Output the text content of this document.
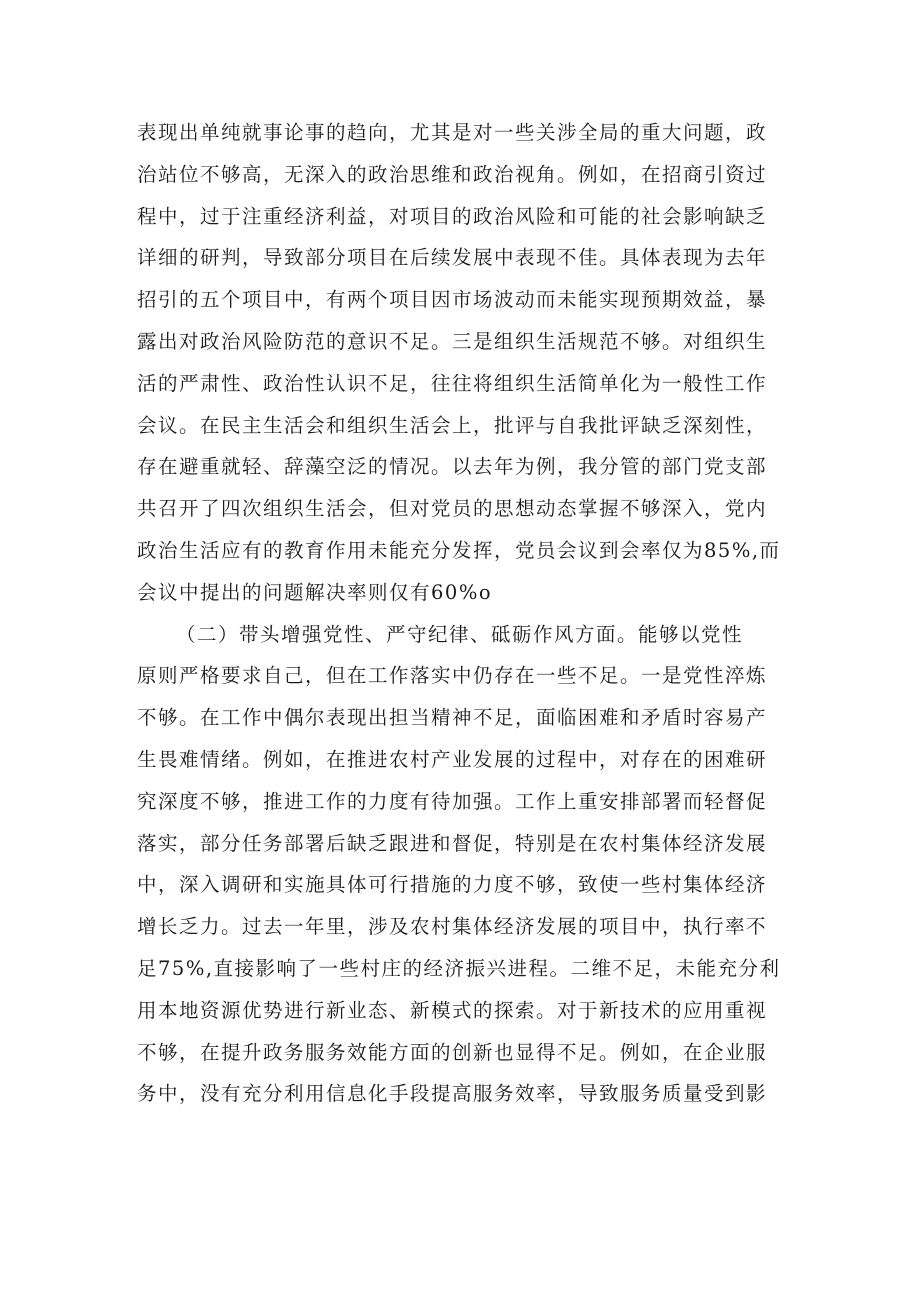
表现出单纯就事论事的趋向，尤其是对一些关涉全局的重大问题，政
治站位不够高，无深入的政治思维和政治视角。例如，在招商引资过
程中，过于注重经济利益，对项目的政治风险和可能的社会影响缺乏
详细的研判，导致部分项目在后续发展中表现不佳。具体表现为去年
招引的五个项目中，有两个项目因市场波动而未能实现预期效益，暴
露出对政治风险防范的意识不足。三是组织生活规范不够。对组织生
活的严肃性、政治性认识不足，往往将组织生活简单化为一般性工作
会议。在民主生活会和组织生活会上，批评与自我批评缺乏深刻性，
存在避重就轻、辞藻空泛的情况。以去年为例，我分管的部门党支部
共召开了四次组织生活会，但对党员的思想动态掌握不够深入，党内
政治生活应有的教育作用未能充分发挥，党员会议到会率仅为85%,而
会议中提出的问题解决率则仅有60%o
（二）带头增强党性、严守纪律、砥砺作风方面。能够以党性
原则严格要求自己，但在工作落实中仍存在一些不足。一是党性淬炼
不够。在工作中偶尔表现出担当精神不足，面临困难和矛盾时容易产
生畏难情绪。例如，在推进农村产业发展的过程中，对存在的困难研
究深度不够，推进工作的力度有待加强。工作上重安排部署而轻督促
落实，部分任务部署后缺乏跟进和督促，特别是在农村集体经济发展
中，深入调研和实施具体可行措施的力度不够，致使一些村集体经济
增长乏力。过去一年里，涉及农村集体经济发展的项目中，执行率不
足75%,直接影响了一些村庄的经济振兴进程。二维不足，未能充分利
用本地资源优势进行新业态、新模式的探索。对于新技术的应用重视
不够，在提升政务服务效能方面的创新也显得不足。例如，在企业服
务中，没有充分利用信息化手段提高服务效率，导致服务质量受到影
